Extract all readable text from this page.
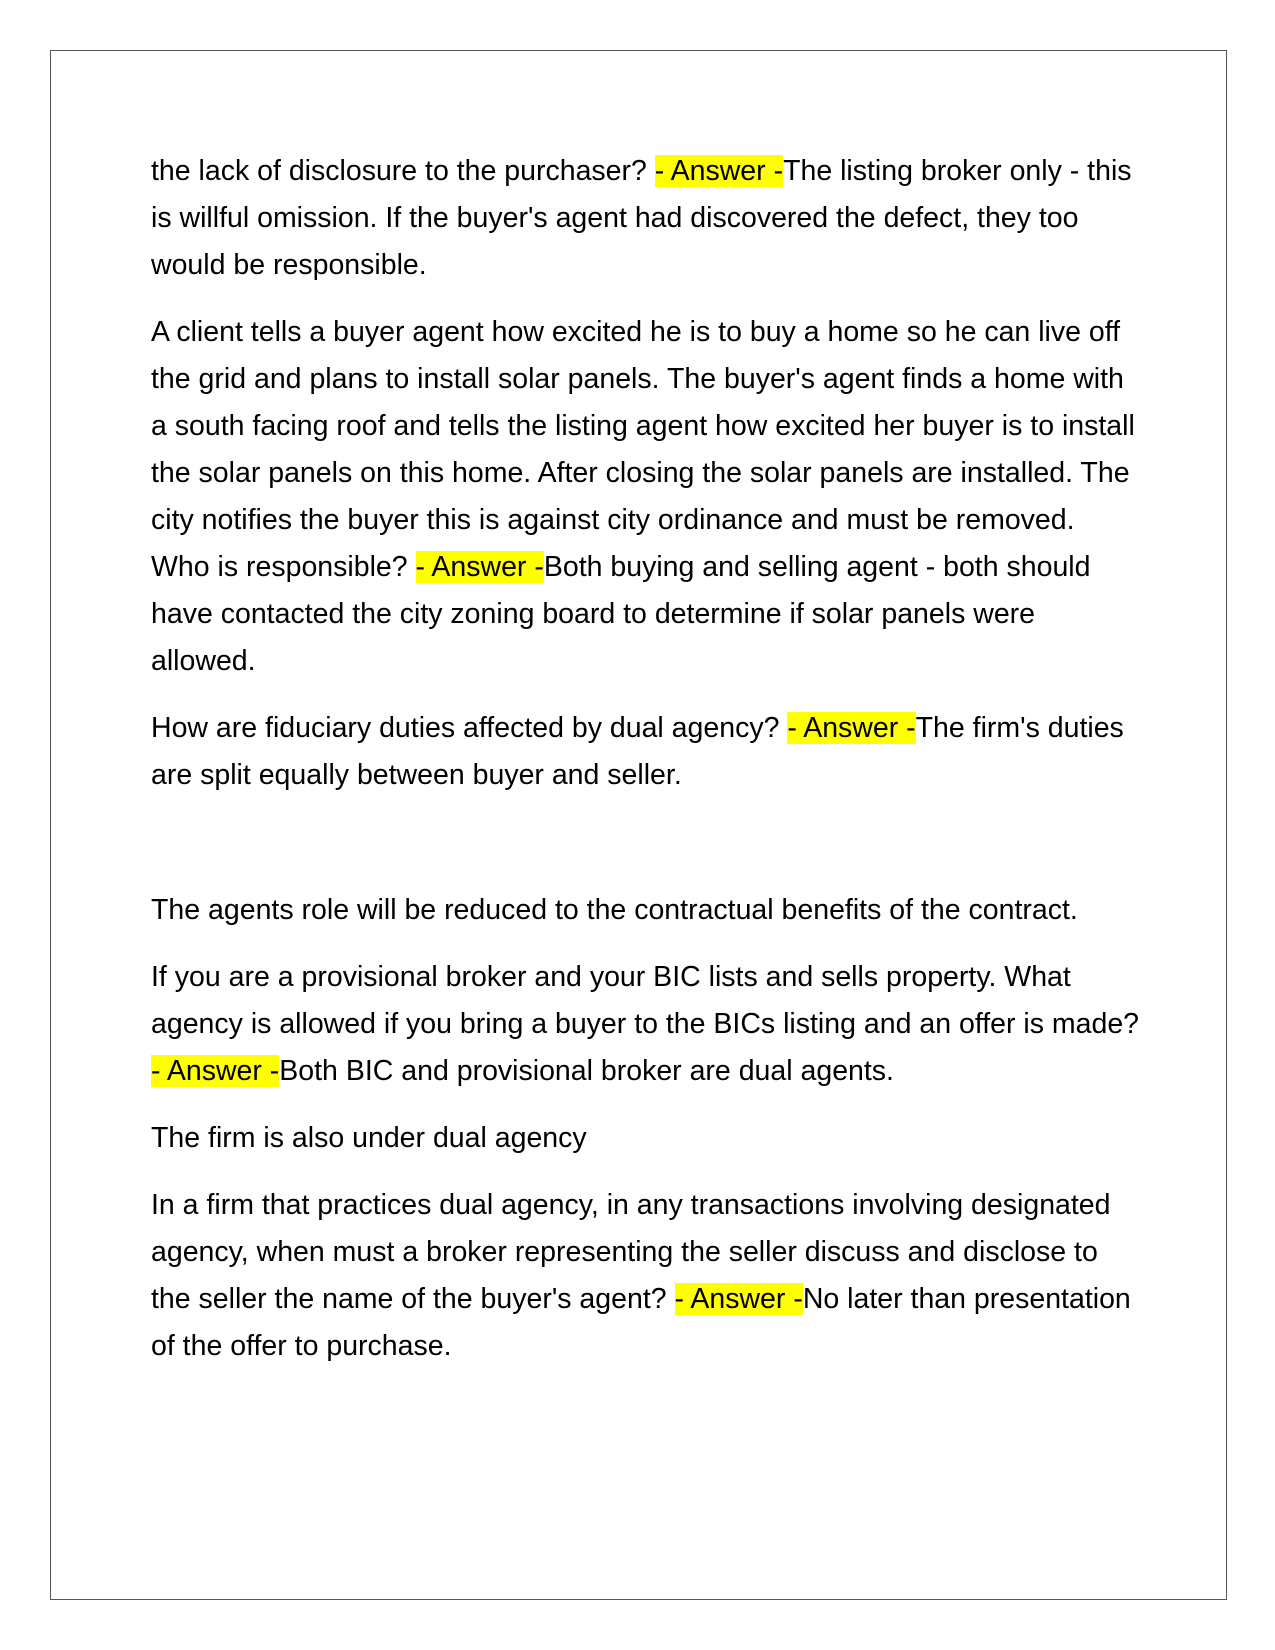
the lack of disclosure to the purchaser? - Answer -The listing broker only - this is willful omission. If the buyer's agent had discovered the defect, they too would be responsible.

A client tells a buyer agent how excited he is to buy a home so he can live off the grid and plans to install solar panels. The buyer's agent finds a home with a south facing roof and tells the listing agent how excited her buyer is to install the solar panels on this home. After closing the solar panels are installed. The city notifies the buyer this is against city ordinance and must be removed. Who is responsible? - Answer -Both buying and selling agent - both should have contacted the city zoning board to determine if solar panels were allowed.

How are fiduciary duties affected by dual agency? - Answer -The firm's duties are split equally between buyer and seller.

The agents role will be reduced to the contractual benefits of the contract.

If you are a provisional broker and your BIC lists and sells property. What agency is allowed if you bring a buyer to the BICs listing and an offer is made? - Answer -Both BIC and provisional broker are dual agents.

The firm is also under dual agency

In a firm that practices dual agency, in any transactions involving designated agency, when must a broker representing the seller discuss and disclose to the seller the name of the buyer's agent? - Answer -No later than presentation of the offer to purchase.
